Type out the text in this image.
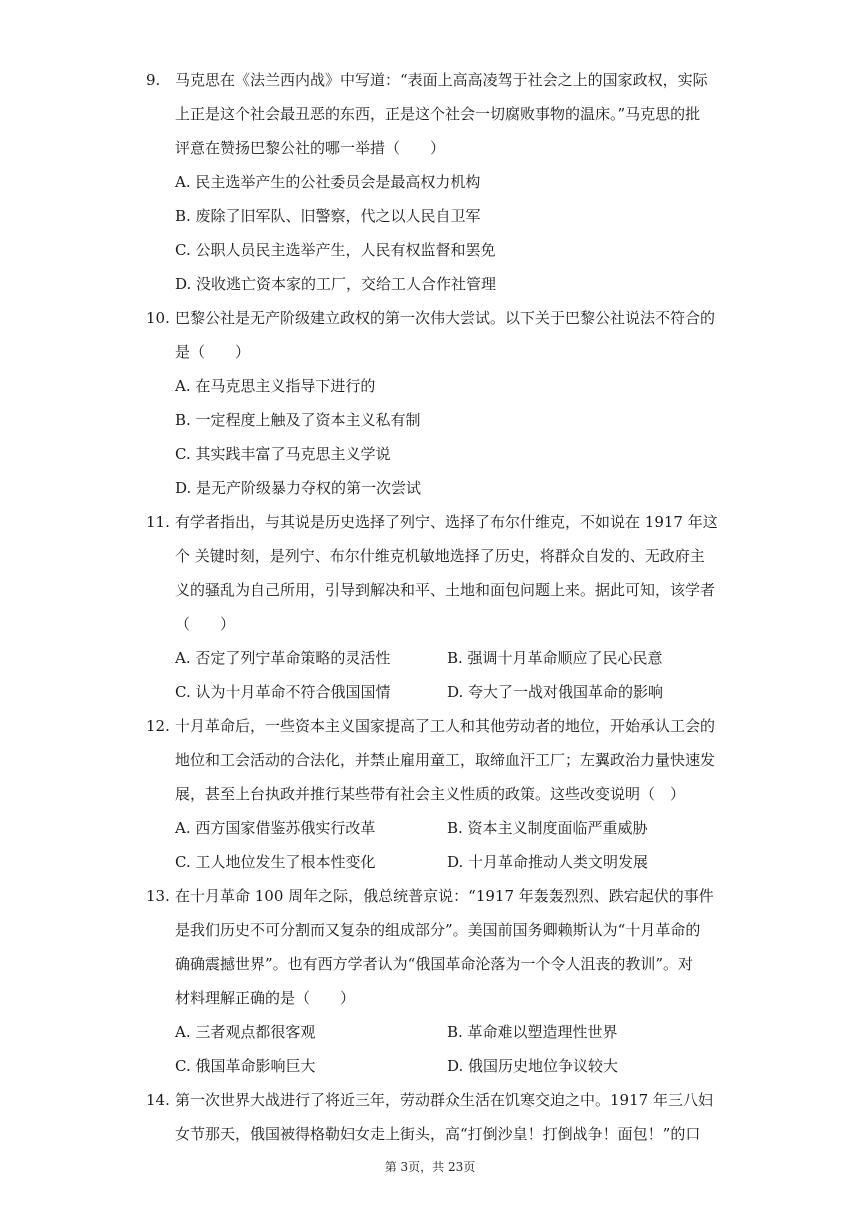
9. 马克思在《法兰西内战》中写道：“表面上高高凌驾于社会之上的国家政权，实际
上正是这个社会最丑恶的东西，正是这个社会一切腐败事物的温床。”马克思的批
评意在赞扬巴黎公社的哪一举措（　　）
A. 民主选举产生的公社委员会是最高权力机构
B. 废除了旧军队、旧警察，代之以人民自卫军
C. 公职人员民主选举产生，人民有权监督和罢免
D. 没收逃亡资本家的工厂，交给工人合作社管理
10. 巴黎公社是无产阶级建立政权的第一次伟大尝试。以下关于巴黎公社说法不符合的
是（　　）
A. 在马克思主义指导下进行的
B. 一定程度上触及了资本主义私有制
C. 其实践丰富了马克思主义学说
D. 是无产阶级暴力夺权的第一次尝试
11. 有学者指出，与其说是历史选择了列宁、选择了布尔什维克，不如说在 1917 年这
个 关键时刻，是列宁、布尔什维克机敏地选择了历史，将群众自发的、无政府主
义的骚乱为自己所用，引导到解决和平、土地和面包问题上来。据此可知，该学者
（　　）
A. 否定了列宁革命策略的灵活性	B. 强调十月革命顺应了民心民意
C. 认为十月革命不符合俄国国情	D. 夸大了一战对俄国革命的影响
12. 十月革命后，一些资本主义国家提高了工人和其他劳动者的地位，开始承认工会的
地位和工会活动的合法化，并禁止雇用童工，取缔血汗工厂；左翼政治力量快速发
展，甚至上台执政并推行某些带有社会主义性质的政策。这些改变说明（　）
A. 西方国家借鉴苏俄实行改革	B. 资本主义制度面临严重威胁
C. 工人地位发生了根本性变化	D. 十月革命推动人类文明发展
13. 在十月革命 100 周年之际，俄总统普京说：“1917 年轰轰烈烈、跌宕起伏的事件
是我们历史不可分割而又复杂的组成部分”。美国前国务卿赖斯认为“十月革命的
确确震撼世界”。也有西方学者认为“俄国革命沦落为一个令人沮丧的教训”。对
材料理解正确的是（　　）
A. 三者观点都很客观	B. 革命难以塑造理性世界
C. 俄国革命影响巨大	D. 俄国历史地位争议较大
14. 第一次世界大战进行了将近三年，劳动群众生活在饥寒交迫之中。1917 年三八妇
女节那天，俄国被得格勒妇女走上街头，高“打倒沙皇！打倒战争！面包！”的口
第 3页，共 23页
